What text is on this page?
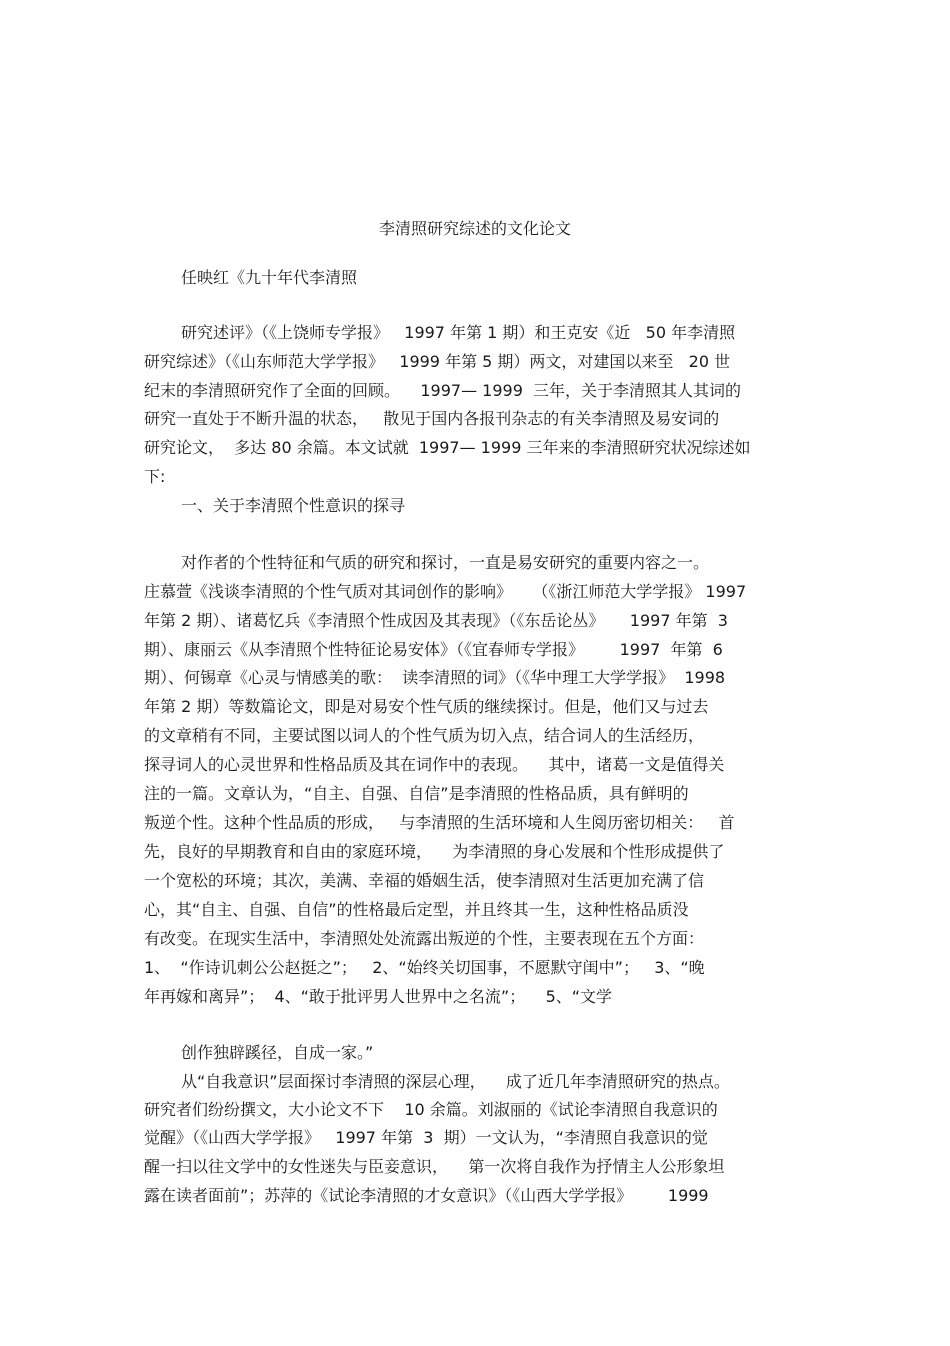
李清照研究综述的文化论文
任映红《九十年代李清照
研究述评》（《上饶师专学报》   1997 年第 1 期）和王克安《近   50 年李清照
研究综述》（《山东师范大学学报》   1999 年第 5 期）两文，对建国以来至   20 世
纪末的李清照研究作了全面的回顾。    1997— 1999  三年，关于李清照其人其词的
研究一直处于不断升温的状态，   散见于国内各报刊杂志的有关李清照及易安词的
研究论文，  多达 80 余篇。本文试就  1997— 1999 三年来的李清照研究状况综述如
下:
一、关于李清照个性意识的探寻
对作者的个性特征和气质的研究和探讨，一直是易安研究的重要内容之一。
庄慕萱《浅谈李清照的个性气质对其词创作的影响》    （《浙江师范大学学报》 1997
年第 2 期）、诸葛忆兵《李清照个性成因及其表现》（《东岳论丛》     1997 年第  3
期）、康丽云《从李清照个性特征论易安体》（《宜春师专学报》       1997  年第  6
期）、何锡章《心灵与情感美的歌：  读李清照的词》（《华中理工大学学报》  1998
年第 2 期）等数篇论文，即是对易安个性气质的继续探讨。但是，他们又与过去
的文章稍有不同，主要试图以词人的个性气质为切入点，结合词人的生活经历，
探寻词人的心灵世界和性格品质及其在词作中的表现。    其中，诸葛一文是值得关
注的一篇。文章认为，“自主、自强、自信”是李清照的性格品质，具有鲜明的
叛逆个性。这种个性品质的形成，   与李清照的生活环境和人生阅历密切相关：   首
先，良好的早期教育和自由的家庭环境，    为李清照的身心发展和个性形成提供了
一个宽松的环境；其次，美满、幸福的婚姻生活，使李清照对生活更加充满了信
心，其“自主、自强、自信”的性格最后定型，并且终其一生，这种性格品质没
有改变。在现实生活中，李清照处处流露出叛逆的个性，主要表现在五个方面：
1、  “作诗讥刺公公赵挺之”；   2、“始终关切国事，不愿默守闺中”；   3、“晚
年再嫁和离异”；  4、“敢于批评男人世界中之名流”；    5、“文学
创作独辟蹊径，自成一家。”
从“自我意识”层面探讨李清照的深层心理，    成了近几年李清照研究的热点。
研究者们纷纷撰文，大小论文不下    10 余篇。刘淑丽的《试论李清照自我意识的
觉醒》（《山西大学学报》   1997 年第  3  期）一文认为，“李清照自我意识的觉
醒一扫以往文学中的女性迷失与臣妾意识，    第一次将自我作为抒情主人公形象坦
露在读者面前”；苏萍的《试论李清照的才女意识》（《山西大学学报》       1999
